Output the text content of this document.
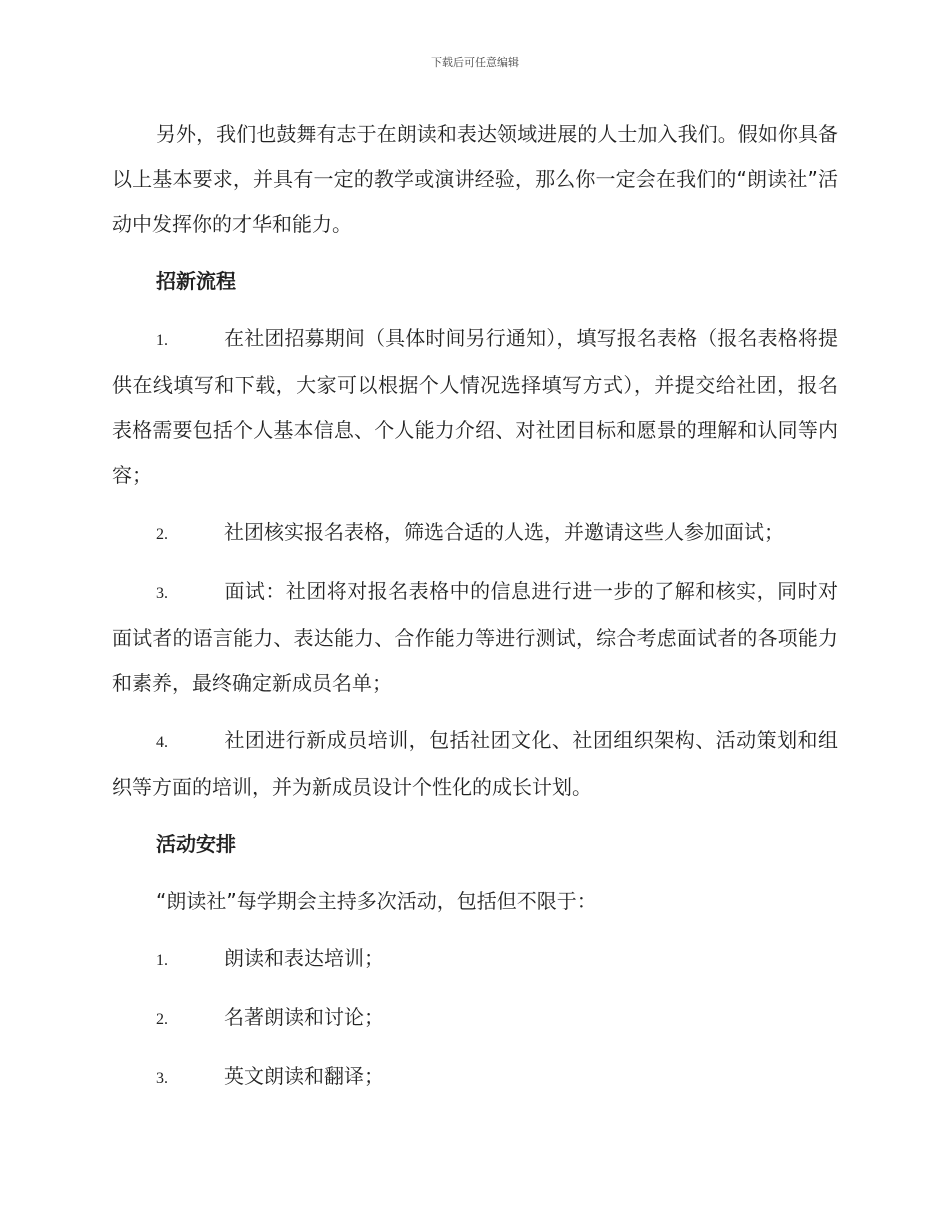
下载后可任意编辑

另外，我们也鼓舞有志于在朗读和表达领域进展的人士加入我们。假如你具备以上基本要求，并具有一定的教学或演讲经验，那么你一定会在我们的“朗读社”活动中发挥你的才华和能力。

招新流程

1.	在社团招募期间（具体时间另行通知），填写报名表格（报名表格将提供在线填写和下载，大家可以根据个人情况选择填写方式），并提交给社团，报名表格需要包括个人基本信息、个人能力介绍、对社团目标和愿景的理解和认同等内容；

2.	社团核实报名表格，筛选合适的人选，并邀请这些人参加面试；

3.	面试：社团将对报名表格中的信息进行进一步的了解和核实，同时对面试者的语言能力、表达能力、合作能力等进行测试，综合考虑面试者的各项能力和素养，最终确定新成员名单；

4.	社团进行新成员培训，包括社团文化、社团组织架构、活动策划和组织等方面的培训，并为新成员设计个性化的成长计划。

活动安排

“朗读社”每学期会主持多次活动，包括但不限于：

1.	朗读和表达培训；

2.	名著朗读和讨论；

3.	英文朗读和翻译；
